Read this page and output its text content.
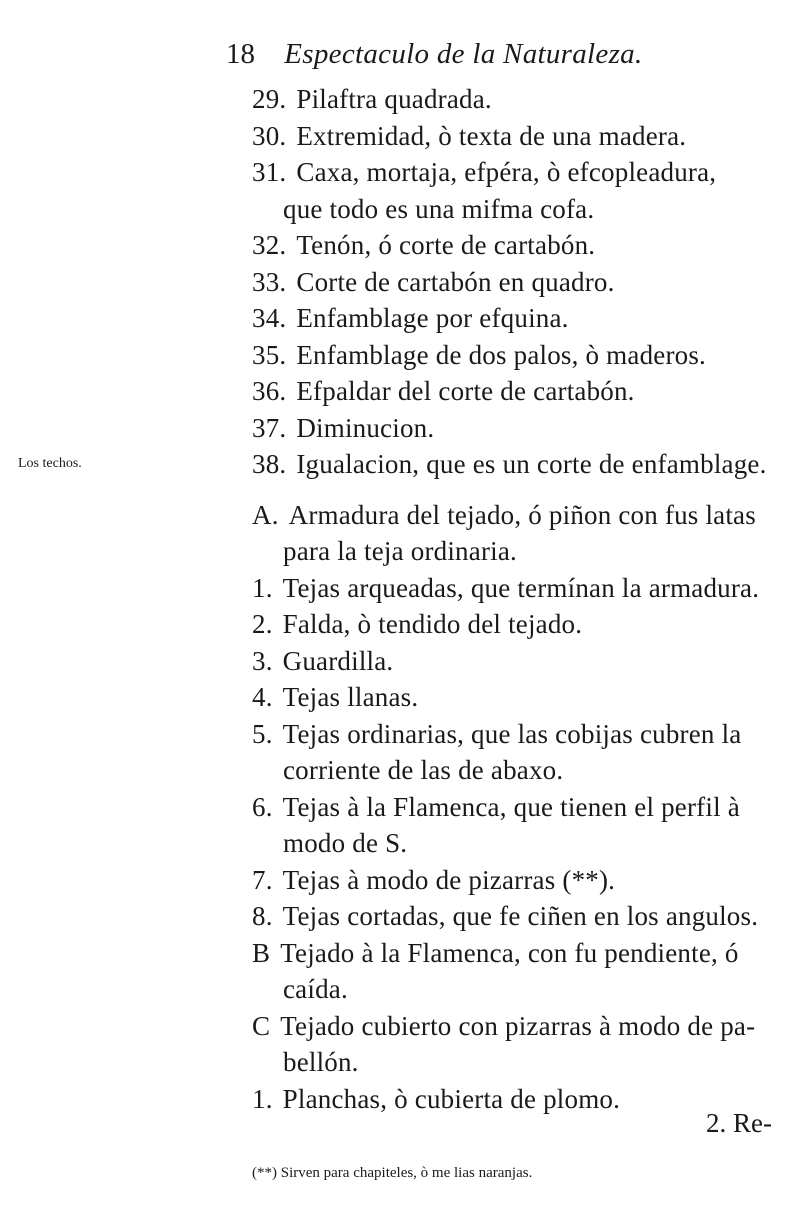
18 Espectaculo de la Naturaleza.
Los techos.
29. Pilaftra quadrada.
30. Extremidad, ò texta de una madera.
31. Caxa, mortaja, efpéra, ò efcopleadura,
que todo es una mifma cofa.
32. Tenón, ó corte de cartabón.
33. Corte de cartabón en quadro.
34. Enfamblage por efquina.
35. Enfamblage de dos palos, ò maderos.
36. Efpaldar del corte de cartabón.
37. Diminucion.
38. Igualacion, que es un corte de enfamblage.
A. Armadura del tejado, ó piñon con fus latas
para la teja ordinaria.
1. Tejas arqueadas, que termínan la armadura.
2. Falda, ò tendido del tejado.
3. Guardilla.
4. Tejas llanas.
5. Tejas ordinarias, que las cobijas cubren la
corriente de las de abaxo.
6. Tejas à la Flamenca, que tienen el perfil à
modo de S.
7. Tejas à modo de pizarras (**).
8. Tejas cortadas, que fe ciñen en los angulos.
B Tejado à la Flamenca, con fu pendiente, ó
caída.
C Tejado cubierto con pizarras à modo de pa-
bellón.
1. Planchas, ò cubierta de plomo.
2. Re-
(**) Sirven para chapiteles, ò me lias naranjas.
